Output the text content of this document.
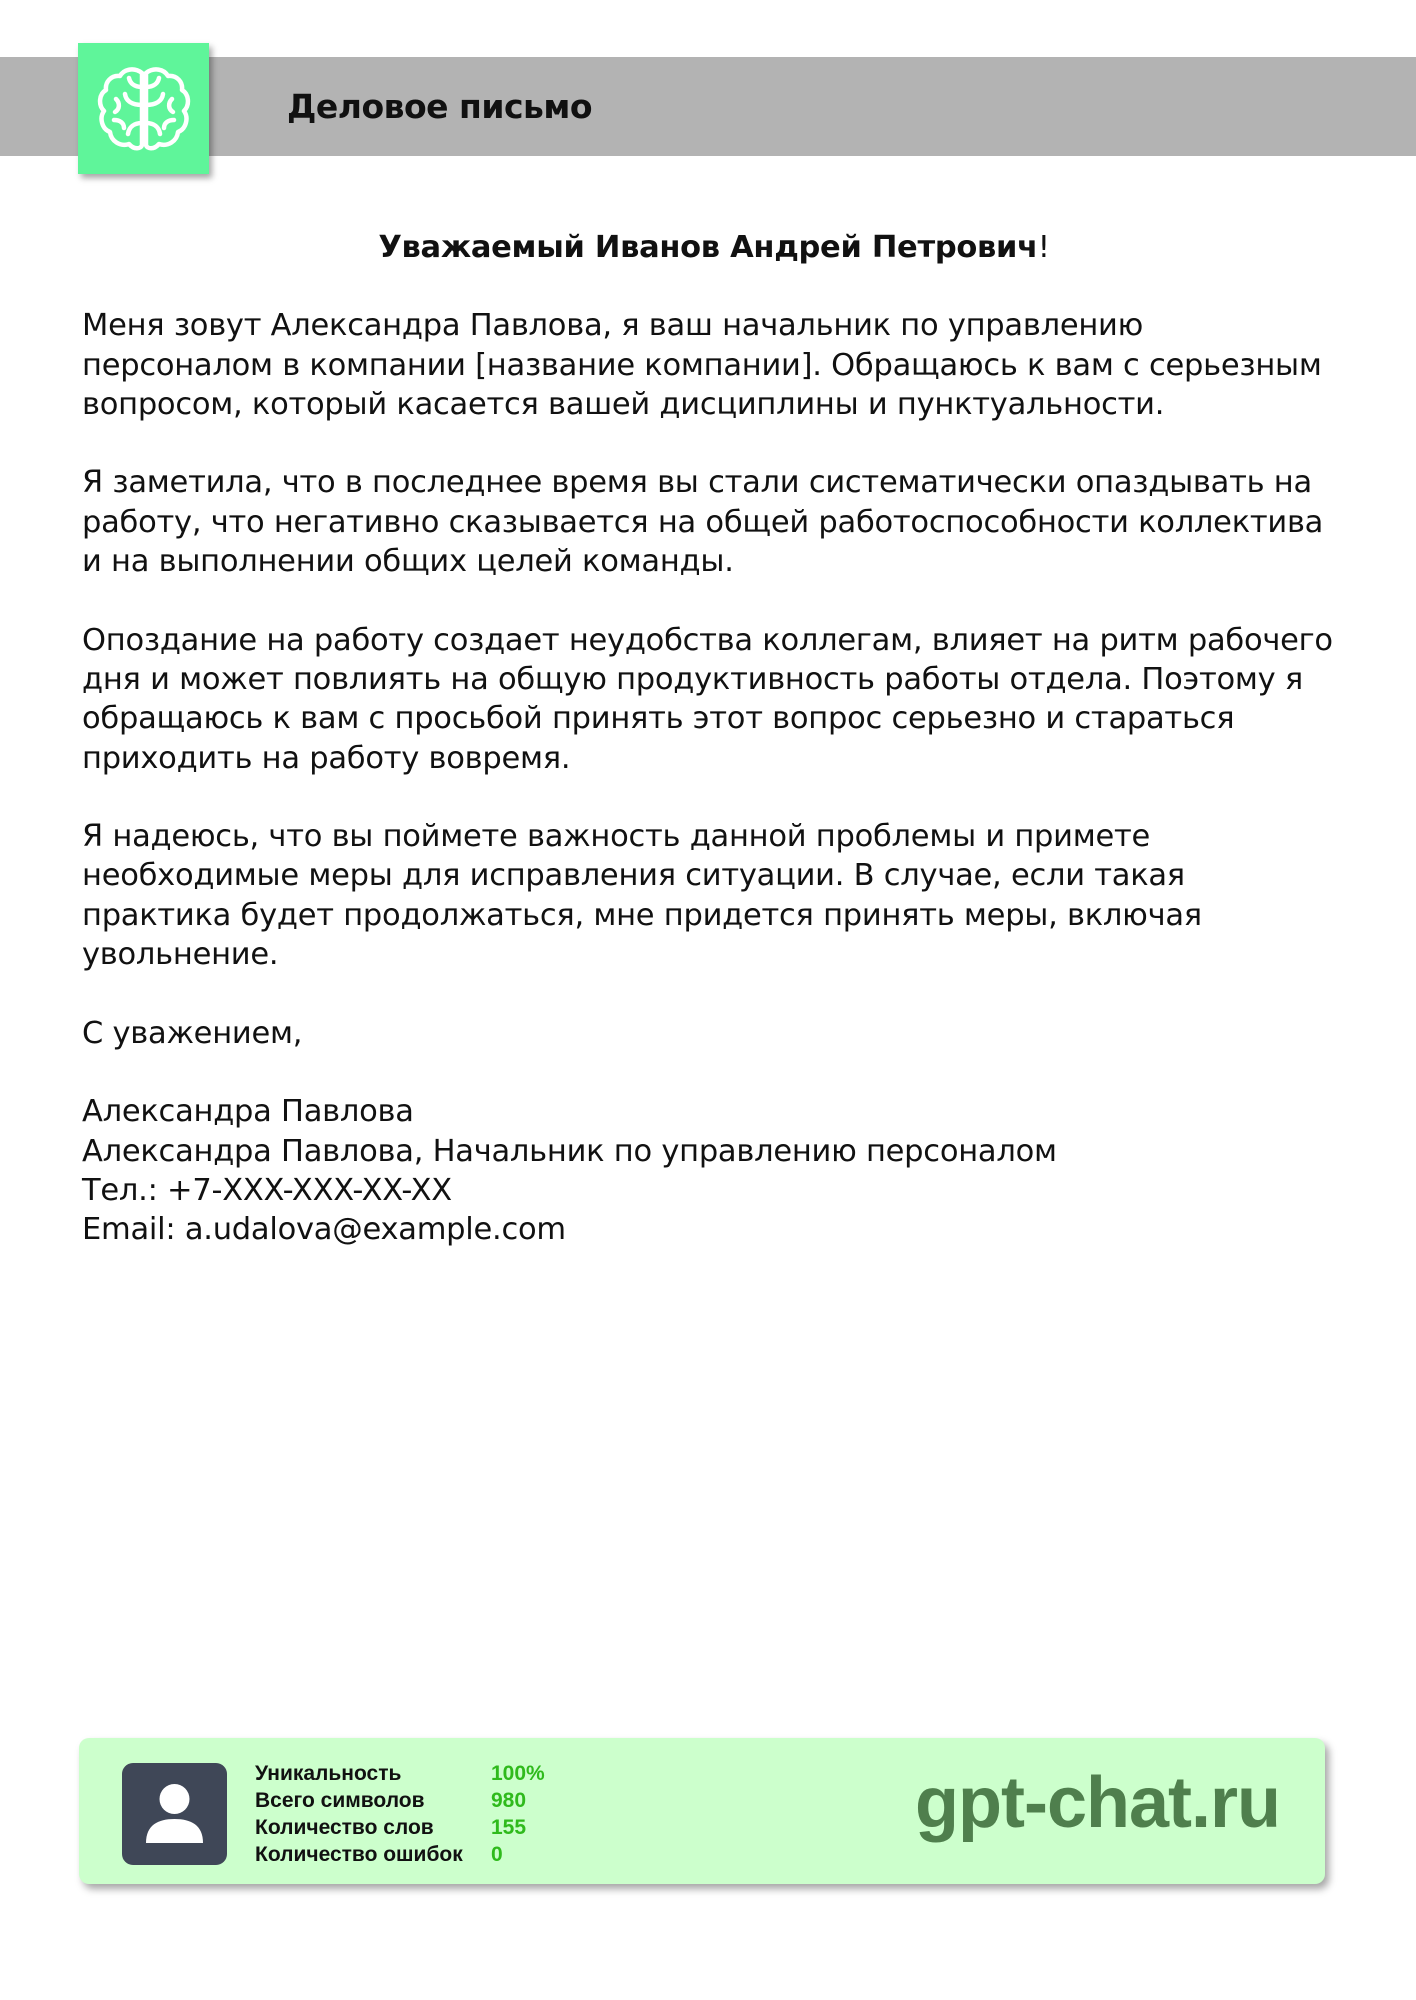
Деловое письмо

Уважаемый Иванов Андрей Петрович!

Меня зовут Александра Павлова, я ваш начальник по управлению персоналом в компании [название компании]. Обращаюсь к вам с серьезным вопросом, который касается вашей дисциплины и пунктуальности.

Я заметила, что в последнее время вы стали систематически опаздывать на работу, что негативно сказывается на общей работоспособности коллектива и на выполнении общих целей команды.

Опоздание на работу создает неудобства коллегам, влияет на ритм рабочего дня и может повлиять на общую продуктивность работы отдела. Поэтому я обращаюсь к вам с просьбой принять этот вопрос серьезно и стараться приходить на работу вовремя.

Я надеюсь, что вы поймете важность данной проблемы и примете необходимые меры для исправления ситуации. В случае, если такая практика будет продолжаться, мне придется принять меры, включая увольнение.

С уважением,

Александра Павлова

Александра Павлова, Начальник по управлению персоналом

Тел.: +7-XXX-XXX-XX-XX

Email: a.udalova@example.com

Уникальность
Всего символов
Количество слов
Количество ошибок
100%
980
155
0
gpt-chat.ru
